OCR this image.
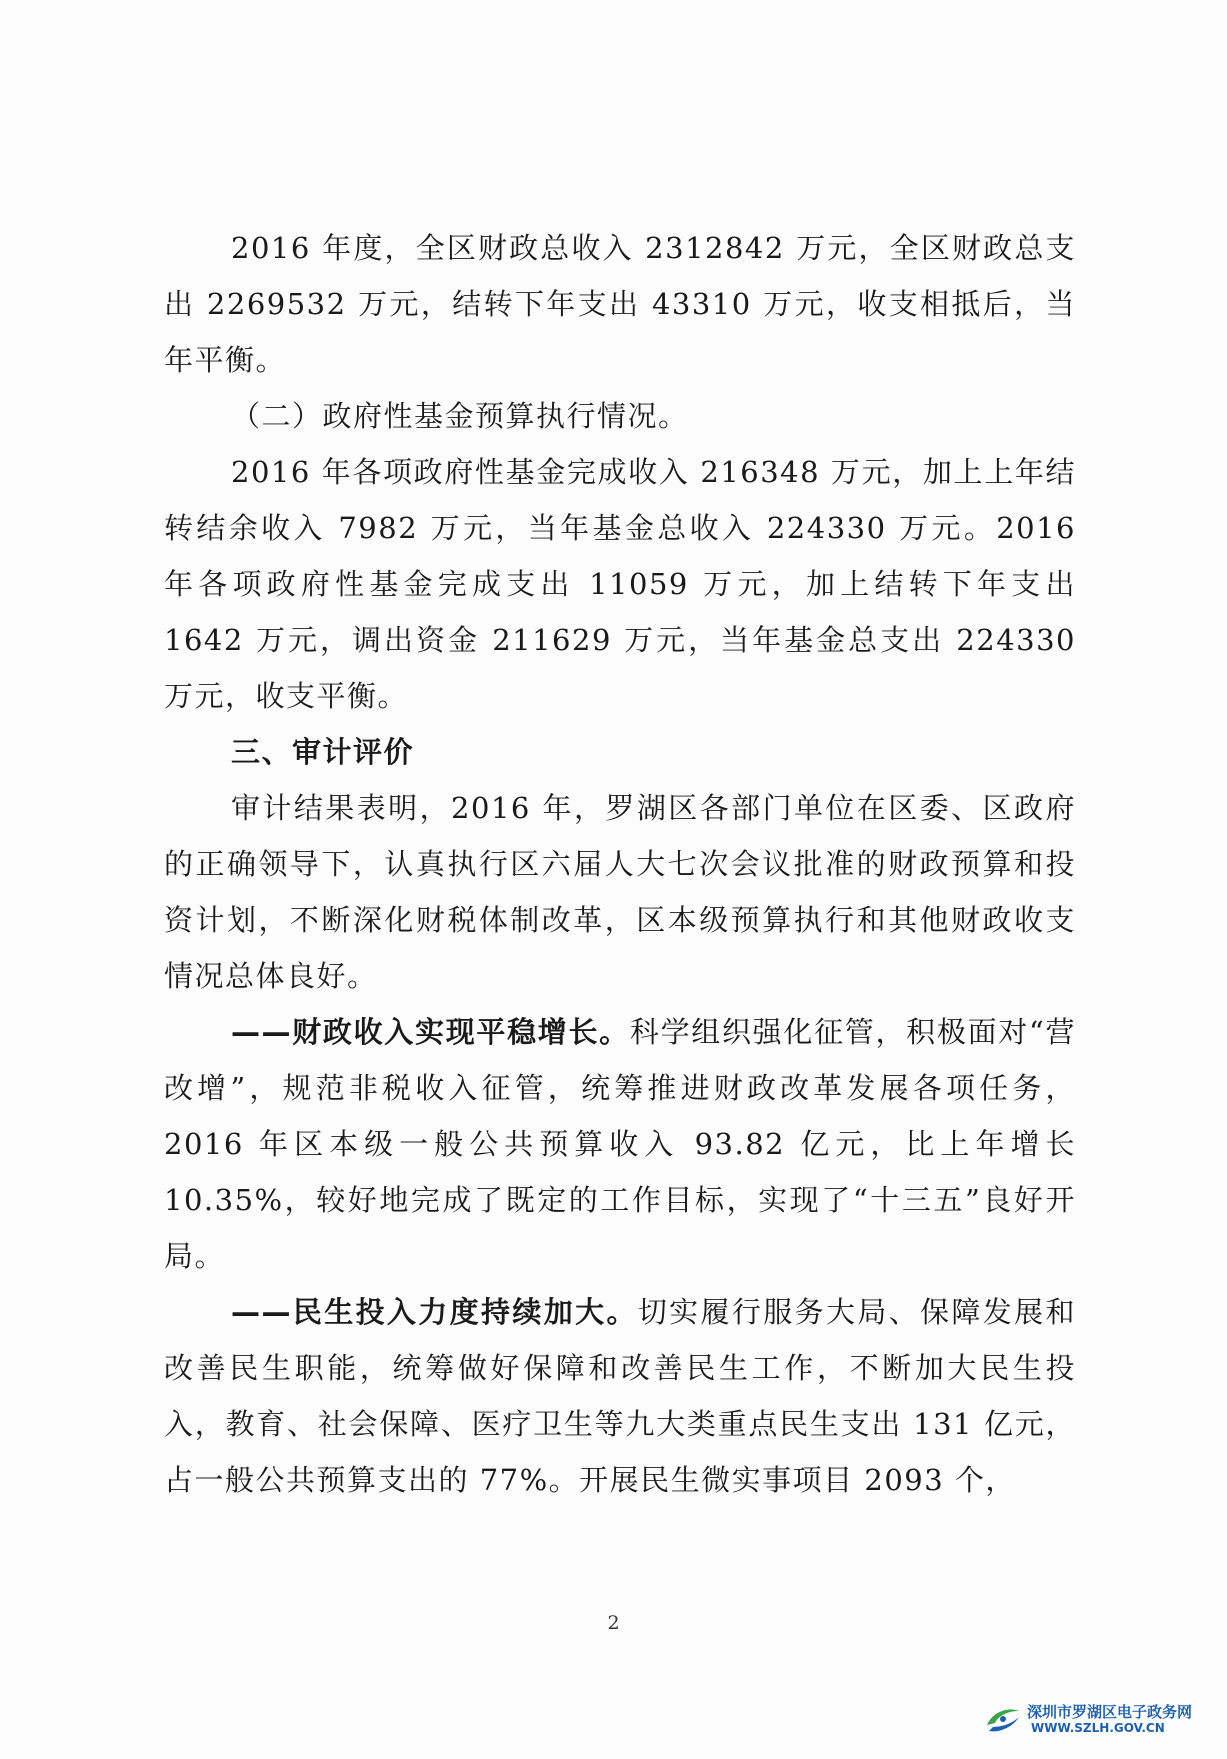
2016 年度，全区财政总收入 2312842 万元，全区财政总支出 2269532 万元，结转下年支出 43310 万元，收支相抵后，当年平衡。

（二）政府性基金预算执行情况。

2016 年各项政府性基金完成收入 216348 万元，加上上年结转结余收入 7982 万元，当年基金总收入 224330 万元。2016 年各项政府性基金完成支出 11059 万元，加上结转下年支出 1642 万元，调出资金 211629 万元，当年基金总支出 224330 万元，收支平衡。

三、审计评价

审计结果表明，2016 年，罗湖区各部门单位在区委、区政府的正确领导下，认真执行区六届人大七次会议批准的财政预算和投资计划，不断深化财税体制改革，区本级预算执行和其他财政收支情况总体良好。

——财政收入实现平稳增长。科学组织强化征管，积极面对“营改增”，规范非税收入征管，统筹推进财政改革发展各项任务，2016 年区本级一般公共预算收入 93.82 亿元，比上年增长10.35%，较好地完成了既定的工作目标，实现了“十三五”良好开局。

——民生投入力度持续加大。切实履行服务大局、保障发展和改善民生职能，统筹做好保障和改善民生工作，不断加大民生投入，教育、社会保障、医疗卫生等九大类重点民生支出 131 亿元，占一般公共预算支出的 77%。开展民生微实事项目 2093 个，

2
深圳市罗湖区电子政务网
WWW.SZLH.GOV.CN
